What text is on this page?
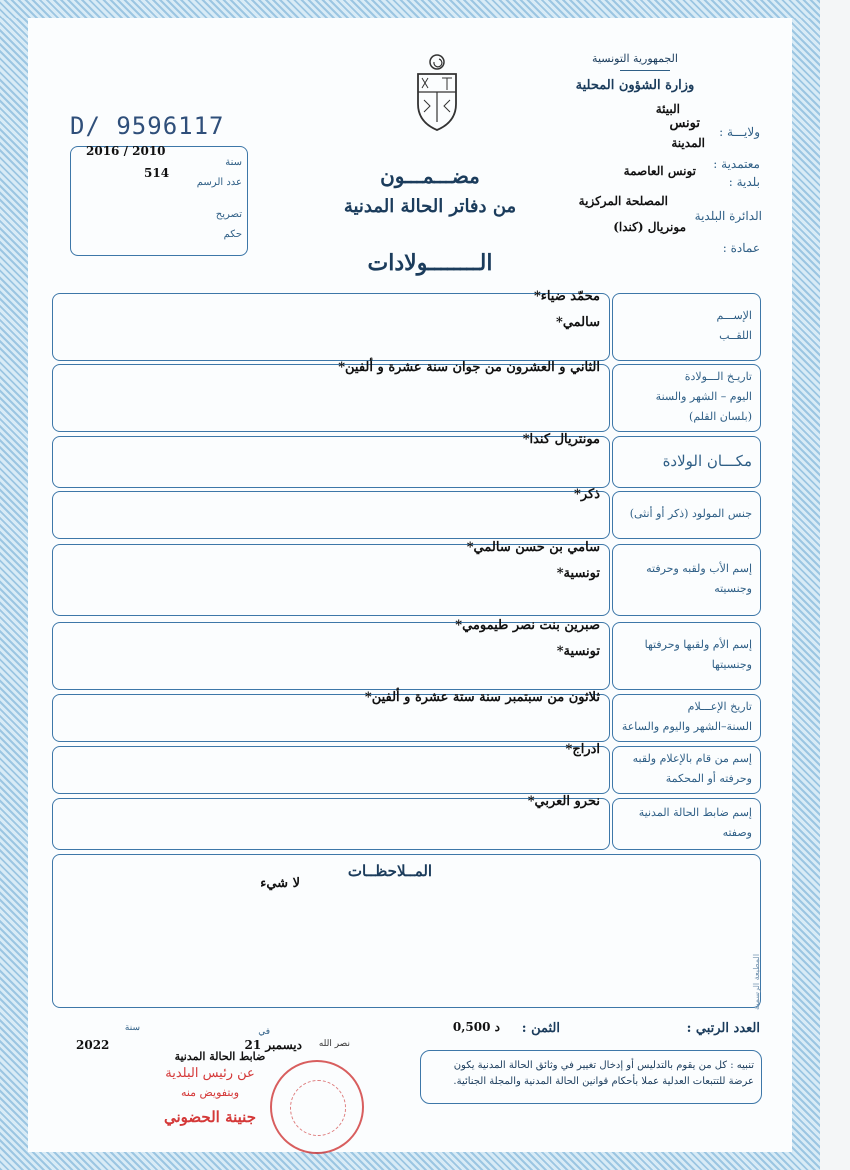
الجمهورية التونسية
وزارة الشؤون المحلية
ولايـــة :
تونس
البيئة
المدينة
معتمدية :
بلدية :
تونس العاصمة
الدائرة البلدية
المصلحة المركزية
مونريال (كندا)
عمادة :
D/ 9596117
2016 / 2010
سنة
514
عدد الرسم
تصريح
حكم
مضـــمـــون
من دفاتر الحالة المدنية
الــــــــولادات
الإســـم
اللقــب
محمّد ضياء*
سالمي*
تاريـخ الـــولادة
اليوم – الشهر والسنة
(بلسان القلم)
الثاني و العشرون من جوان سنة عشرة و ألفين*
مكـــان الولادة
مونتريال كندا*
جنس المولود (ذكر أو أنثى)
ذكر*
إسم الأب ولقبه وحرفته
وجنسيته
سامي بن حسن سالمي*
تونسية*
إسم الأم ولقبها وحرفتها
وجنسيتها
صبرين بنت نصر طيمومي*
تونسية*
تاريخ الإعـــلام
السنة–الشهر واليوم والساعة
ثلاثون من سبتمبر سنة ستة عشرة و ألفين*
إسم من قام بالإعلام ولقبه
وحرفته أو المحكمة
ادراج*
إسم ضابط الحالة المدنية
وصفته
نحرو العربي*
المــلاحظــات
لا شيء
المطبعة الرسمية
العدد الرتبي :
الثمن :
0,500 د
في
سنة
21 ديسمبر
2022	نصر الله
ضابط الحالة المدنية
عن رئيس البلدية
وبتفويض منه
جنينة الحضوني
تنبيه : كل من يقوم بالتدليس أو إدخال تغيير في وثائق الحالة المدنية يكون عرضة للتتبعات العدلية عملا بأحكام قوانين الحالة المدنية والمجلة الجنائية.
